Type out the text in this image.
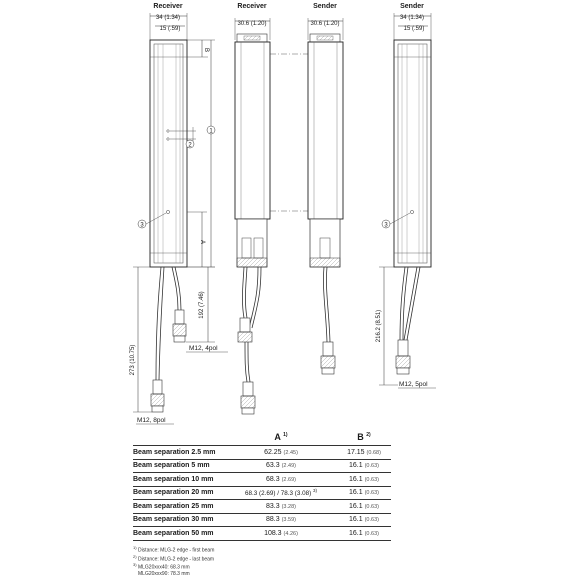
Receiver
34 (1.34)
15 (.59)
B
1
2
A
3
192 (7.46)
M12, 4pol
273 (10.75)
M12, 8pol
Receiver
30.6 (1.20)
Sender
30.6 (1.20)
Sender
34 (1.34)
15 (.59)
3
216.2 (8.51)
M12, 5pol
	A $^{1)}$	B $^{2)}$
Beam separation 2.5 mm	62.25 (2.45)	17.15 (0.68)
Beam separation 5 mm	63.3 (2.49)	16.1 (0.63)
Beam separation 10 mm	68.3 (2.69)	16.1 (0.63)
Beam separation 20 mm	68.3 (2.69) / 78.3 (3.08) $^{3)}$	16.1 (0.63)
Beam separation 25 mm	83.3 (3.28)	16.1 (0.63)
Beam separation 30 mm	88.3 (3.59)	16.1 (0.63)
Beam separation 50 mm	108.3 (4.26)	16.1 (0.63)
$^{1)}$ Distance: MLG-2 edge - first beam
$^{2)}$ Distance: MLG-2 edge - last beam
$^{3)}$ MLG20xxx40: 68.3 mm
MLG20xxx90: 78.3 mm
